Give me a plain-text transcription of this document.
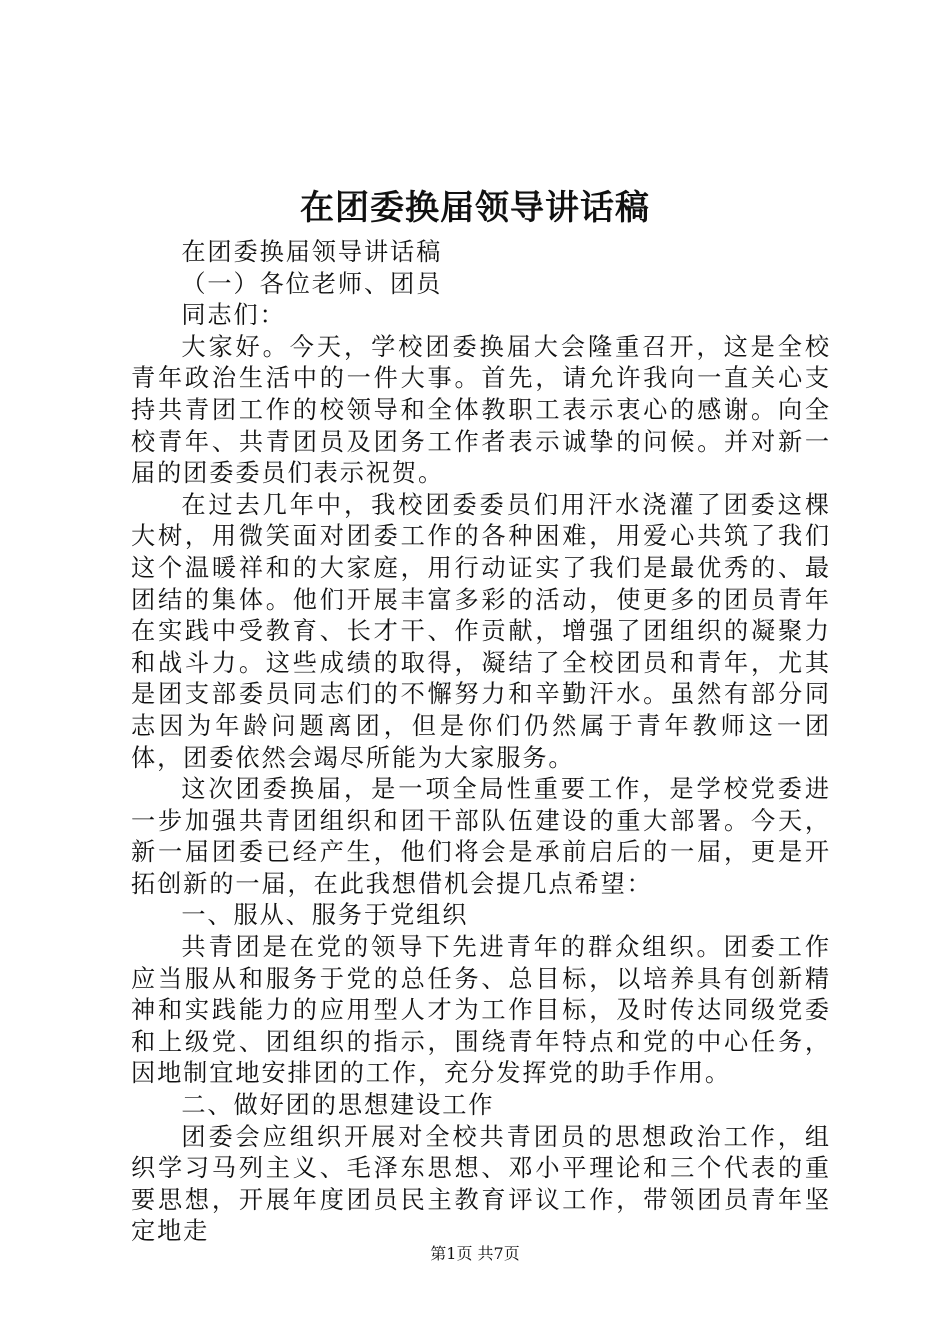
在团委换届领导讲话稿

在团委换届领导讲话稿

（一）各位老师、团员

同志们：

大家好。今天，学校团委换届大会隆重召开，这是全校青年政治生活中的一件大事。首先，请允许我向一直关心支持共青团工作的校领导和全体教职工表示衷心的感谢。向全校青年、共青团员及团务工作者表示诚挚的问候。并对新一届的团委委员们表示祝贺。

在过去几年中，我校团委委员们用汗水浇灌了团委这棵大树，用微笑面对团委工作的各种困难，用爱心共筑了我们这个温暖祥和的大家庭，用行动证实了我们是最优秀的、最团结的集体。他们开展丰富多彩的活动，使更多的团员青年在实践中受教育、长才干、作贡献，增强了团组织的凝聚力和战斗力。这些成绩的取得，凝结了全校团员和青年，尤其是团支部委员同志们的不懈努力和辛勤汗水。虽然有部分同志因为年龄问题离团，但是你们仍然属于青年教师这一团体，团委依然会竭尽所能为大家服务。

这次团委换届，是一项全局性重要工作，是学校党委进一步加强共青团组织和团干部队伍建设的重大部署。今天，新一届团委已经产生，他们将会是承前启后的一届，更是开拓创新的一届，在此我想借机会提几点希望：

一、服从、服务于党组织

共青团是在党的领导下先进青年的群众组织。团委工作应当服从和服务于党的总任务、总目标，以培养具有创新精神和实践能力的应用型人才为工作目标，及时传达同级党委和上级党、团组织的指示，围绕青年特点和党的中心任务，因地制宜地安排团的工作，充分发挥党的助手作用。

二、做好团的思想建设工作

团委会应组织开展对全校共青团员的思想政治工作，组织学习马列主义、毛泽东思想、邓小平理论和三个代表的重要思想，开展年度团员民主教育评议工作，带领团员青年坚定地走

第1页 共7页
